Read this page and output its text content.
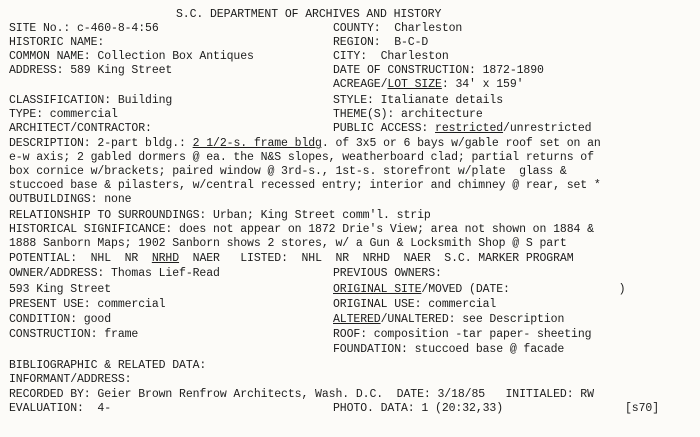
S.C. DEPARTMENT OF ARCHIVES AND HISTORY
SITE No.: c-460-8-4:56
HISTORIC NAME:
COMMON NAME: Collection Box Antiques
ADDRESS: 589 King Street
CLASSIFICATION: Building
TYPE: commercial
ARCHITECT/CONTRACTOR:
COUNTY:  Charleston
REGION:  B-C-D
CITY:  Charleston
DATE OF CONSTRUCTION: 1872-1890
ACREAGE/LOT SIZE: 34' x 159'
STYLE: Italianate details
THEME(S): architecture
PUBLIC ACCESS: restricted/unrestricted
DESCRIPTION: 2-part bldg.: 2 1/2-s. frame bldg. of 3x5 or 6 bays w/gable roof set on an
e-w axis; 2 gabled dormers @ ea. the N&S slopes, weatherboard clad; partial returns of
box cornice w/brackets; paired window @ 3rd-s., 1st-s. storefront w/plate  glass &
stuccoed base & pilasters, w/central recessed entry; interior and chimney @ rear, set *
OUTBUILDINGS: none
RELATIONSHIP TO SURROUNDINGS: Urban; King Street comm'l. strip
HISTORICAL SIGNIFICANCE: does not appear on 1872 Drie's View; area not shown on 1884 &
1888 Sanborn Maps; 1902 Sanborn shows 2 stores, w/ a Gun & Locksmith Shop @ S part
POTENTIAL:  NHL  NR  NRHD  NAER   LISTED:  NHL  NR  NRHD  NAER  S.C. MARKER PROGRAM
OWNER/ADDRESS: Thomas Lief-Read
593 King Street
PRESENT USE: commercial
CONDITION: good
CONSTRUCTION: frame
PREVIOUS OWNERS:
ORIGINAL SITE/MOVED (DATE:                )
ORIGINAL USE: commercial
ALTERED/UNALTERED: see Description
ROOF: composition -tar paper- sheeting
FOUNDATION: stuccoed base @ facade
BIBLIOGRAPHIC & RELATED DATA:
INFORMANT/ADDRESS:
RECORDED BY: Geier Brown Renfrow Architects, Wash. D.C.  DATE: 3/18/85   INITIALED: RW
EVALUATION:  4-	PHOTO. DATA: 1 (20:32,33)	[s70]
